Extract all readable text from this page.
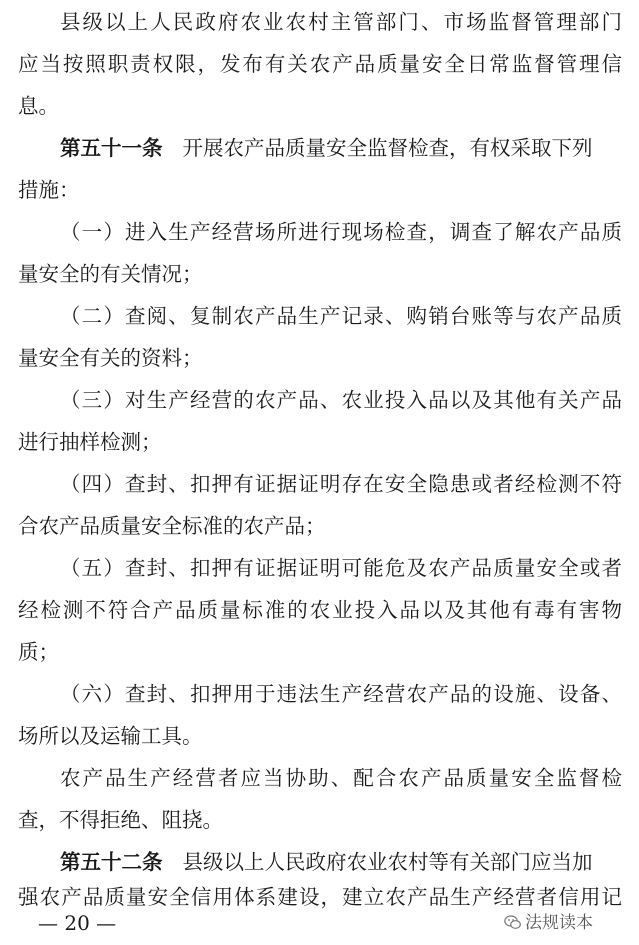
县级以上人民政府农业农村主管部门、市场监督管理部门
应当按照职责权限，发布有关农产品质量安全日常监督管理信
息。
第五十一条 开展农产品质量安全监督检查，有权采取下列
措施：
（一）进入生产经营场所进行现场检查，调查了解农产品质
量安全的有关情况；
（二）查阅、复制农产品生产记录、购销台账等与农产品质
量安全有关的资料；
（三）对生产经营的农产品、农业投入品以及其他有关产品
进行抽样检测；
（四）查封、扣押有证据证明存在安全隐患或者经检测不符
合农产品质量安全标准的农产品；
（五）查封、扣押有证据证明可能危及农产品质量安全或者
经检测不符合产品质量标准的农业投入品以及其他有毒有害物
质；
（六）查封、扣押用于违法生产经营农产品的设施、设备、
场所以及运输工具。
农产品生产经营者应当协助、配合农产品质量安全监督检
查，不得拒绝、阻挠。
第五十二条 县级以上人民政府农业农村等有关部门应当加
强农产品质量安全信用体系建设，建立农产品生产经营者信用记
— 20 —	法规读本
